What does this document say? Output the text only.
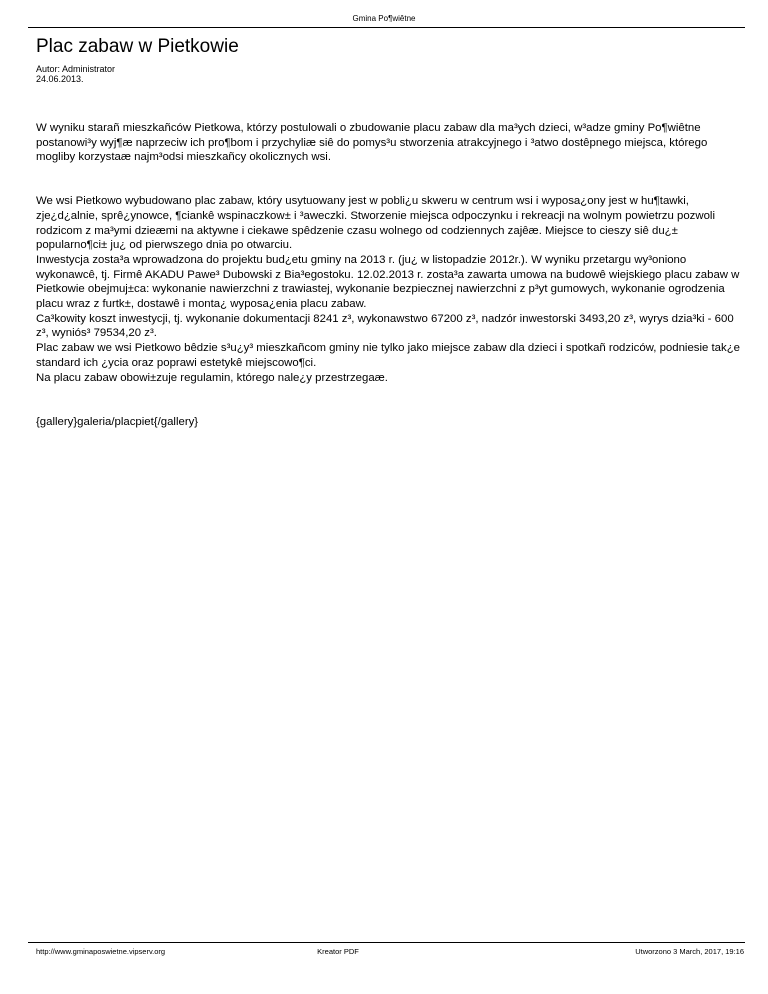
Gmina Po¶wiêtne
Plac zabaw w Pietkowie
Autor: Administrator
24.06.2013.

W wyniku starañ mieszkañców Pietkowa, którzy postulowali o zbudowanie placu zabaw dla ma³ych dzieci, w³adze gminy Po¶wiêtne postanowi³y wyj¶æ naprzeciw ich pro¶bom i przychyliæ siê do pomys³u stworzenia atrakcyjnego i ³atwo dostêpnego miejsca, którego mogliby korzystaæ najm³odsi mieszkañcy okolicznych wsi.

We wsi Pietkowo wybudowano plac zabaw, który usytuowany jest w pobli¿u skweru w centrum wsi i wyposa¿ony jest w hu¶tawki, zje¿d¿alnie, sprê¿ynowce, ¶ciankê wspinaczkow± i ³aweczki. Stworzenie miejsca odpoczynku i rekreacji na wolnym powietrzu pozwoli rodzicom z ma³ymi dzieæmi na aktywne i ciekawe spêdzenie czasu wolnego od codziennych zajêæ. Miejsce to cieszy siê du¿± popularno¶ci± ju¿ od pierwszego dnia po otwarciu.

Inwestycja zosta³a wprowadzona do projektu bud¿etu gminy na 2013 r. (ju¿ w listopadzie 2012r.). W wyniku przetargu wy³oniono wykonawcê, tj. Firmê AKADU Pawe³ Dubowski z Bia³egostoku. 12.02.2013 r. zosta³a zawarta umowa na budowê wiejskiego placu zabaw w Pietkowie obejmuj±ca: wykonanie nawierzchni z trawiastej, wykonanie bezpiecznej nawierzchni z p³yt gumowych, wykonanie ogrodzenia placu wraz z furtk±, dostawê i monta¿ wyposa¿enia placu zabaw.

Ca³kowity koszt inwestycji, tj. wykonanie dokumentacji 8241 z³, wykonawstwo 67200 z³, nadzór inwestorski 3493,20 z³, wyrys dzia³ki - 600 z³, wyniós³ 79534,20 z³.

Plac zabaw we wsi Pietkowo bêdzie s³u¿y³ mieszkañcom gminy nie tylko jako miejsce zabaw dla dzieci i spotkañ rodziców, podniesie tak¿e standard ich ¿ycia oraz poprawi estetykê miejscowo¶ci.

Na placu zabaw obowi±zuje regulamin, którego nale¿y przestrzegaæ.

{gallery}galeria/placpiet{/gallery}

http://www.gminaposwietne.vipserv.org	Kreator PDF	Utworzono 3 March, 2017, 19:16
